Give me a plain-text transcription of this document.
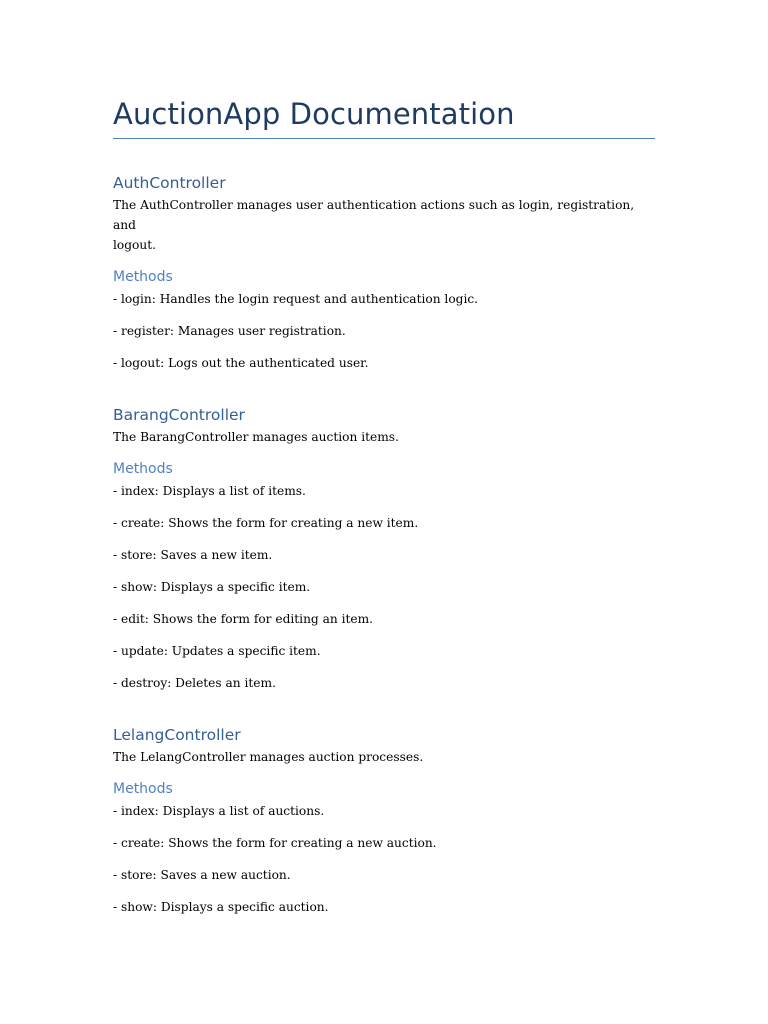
AuctionApp Documentation
AuthController

The AuthController manages user authentication actions such as login, registration, and

logout.

Methods

- login: Handles the login request and authentication logic.

- register: Manages user registration.

- logout: Logs out the authenticated user.

BarangController

The BarangController manages auction items.

Methods

- index: Displays a list of items.

- create: Shows the form for creating a new item.

- store: Saves a new item.

- show: Displays a specific item.

- edit: Shows the form for editing an item.

- update: Updates a specific item.

- destroy: Deletes an item.

LelangController

The LelangController manages auction processes.

Methods

- index: Displays a list of auctions.

- create: Shows the form for creating a new auction.

- store: Saves a new auction.

- show: Displays a specific auction.
